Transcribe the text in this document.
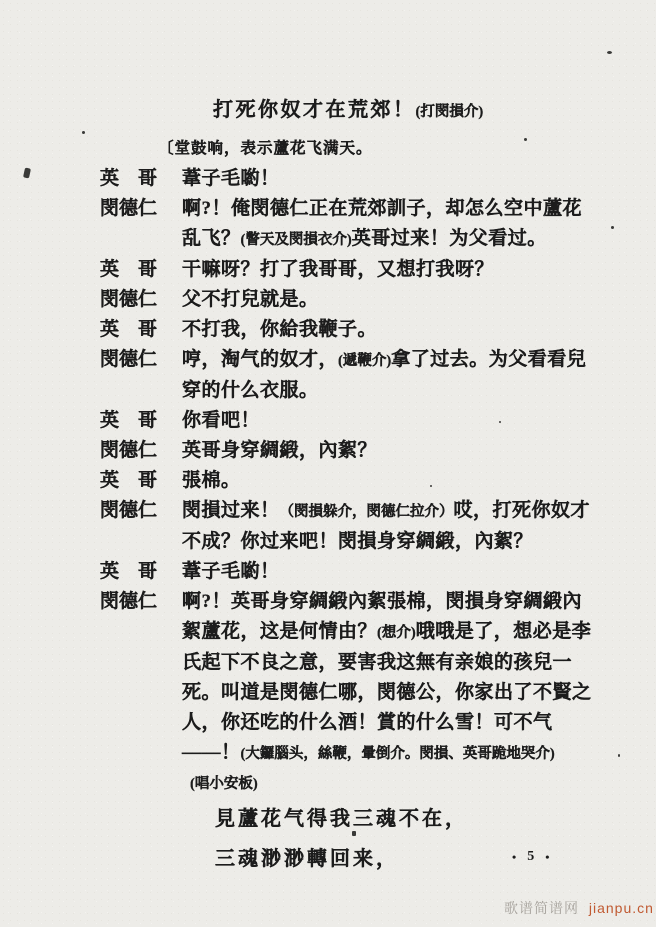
打死你奴才在荒郊！(打閔損介)
〔堂鼓响，表示蘆花飞满天。
英　哥 葦子毛喲！
閔德仁 啊?！俺閔德仁正在荒郊訓子，却怎么空中蘆花乱飞？(瞥天及閔損衣介)英哥过来！为父看过。
英　哥 干嘛呀？打了我哥哥，又想打我呀？
閔德仁 父不打兒就是。
英　哥 不打我，你給我鞭子。
閔德仁 哼，淘气的奴才，(遞鞭介)拿了过去。为父看看兒穿的什么衣服。
英　哥 你看吧！
閔德仁 英哥身穿綢緞，內絮？
英　哥 張棉。
閔德仁 閔損过来！（閔損躲介，閔德仁拉介）哎，打死你奴才不成？你过来吧！閔損身穿綢緞，內絮？
英　哥 葦子毛喲！
閔德仁 啊?！英哥身穿綢緞內絮張棉，閔損身穿綢緞內絮蘆花，这是何情由？(想介)哦哦是了，想必是李氏起下不良之意，要害我这無有亲娘的孩兒一死。叫道是閔德仁哪，閔德公，你家出了不賢之人，你还吃的什么酒！賞的什么雪！可不气——！(大鑼腦头，絲鞭，暈倒介。閔損、英哥跪地哭介)
(唱小安板)
見蘆花气得我三魂不在，
三魂渺渺轉回来，	• 5 •
歌谱简谱网 jianpu.cn
